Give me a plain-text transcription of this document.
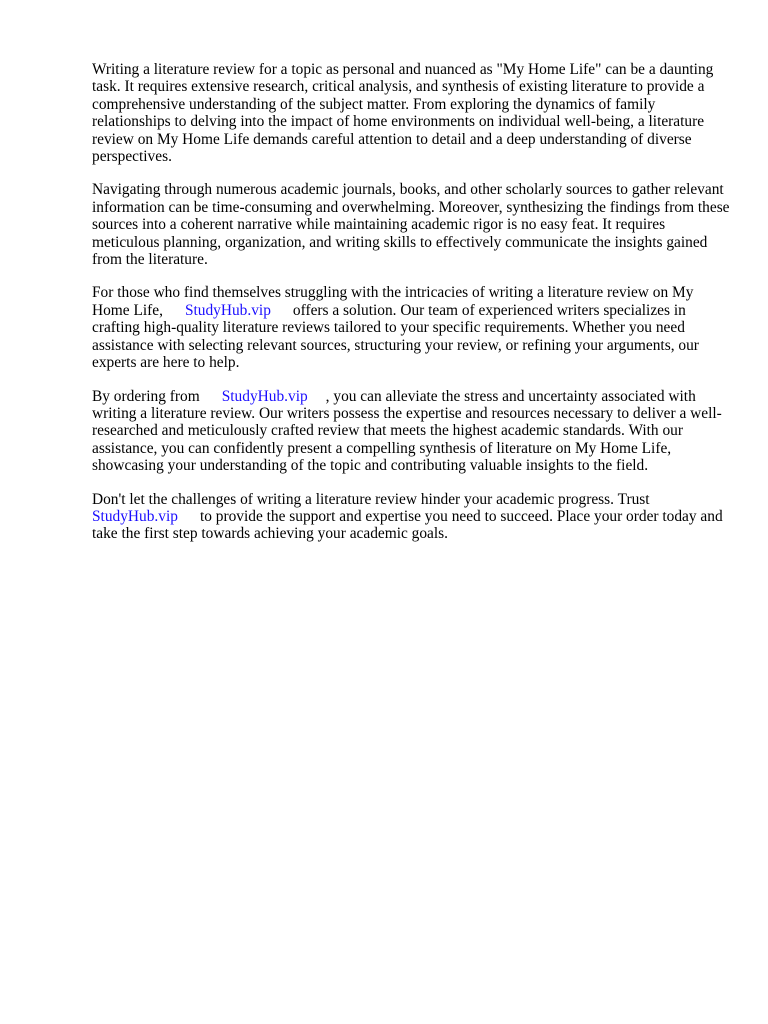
Writing a literature review for a topic as personal and nuanced as "My Home Life" can be a daunting task. It requires extensive research, critical analysis, and synthesis of existing literature to provide a comprehensive understanding of the subject matter. From exploring the dynamics of family relationships to delving into the impact of home environments on individual well-being, a literature review on My Home Life demands careful attention to detail and a deep understanding of diverse perspectives.

Navigating through numerous academic journals, books, and other scholarly sources to gather relevant information can be time-consuming and overwhelming. Moreover, synthesizing the findings from these sources into a coherent narrative while maintaining academic rigor is no easy feat. It requires meticulous planning, organization, and writing skills to effectively communicate the insights gained from the literature.

For those who find themselves struggling with the intricacies of writing a literature review on My Home Life, StudyHub.vip offers a solution. Our team of experienced writers specializes in crafting high-quality literature reviews tailored to your specific requirements. Whether you need assistance with selecting relevant sources, structuring your review, or refining your arguments, our experts are here to help.

By ordering from StudyHub.vip , you can alleviate the stress and uncertainty associated with writing a literature review. Our writers possess the expertise and resources necessary to deliver a well-researched and meticulously crafted review that meets the highest academic standards. With our assistance, you can confidently present a compelling synthesis of literature on My Home Life, showcasing your understanding of the topic and contributing valuable insights to the field.

Don't let the challenges of writing a literature review hinder your academic progress. Trust StudyHub.vip to provide the support and expertise you need to succeed. Place your order today and take the first step towards achieving your academic goals.
